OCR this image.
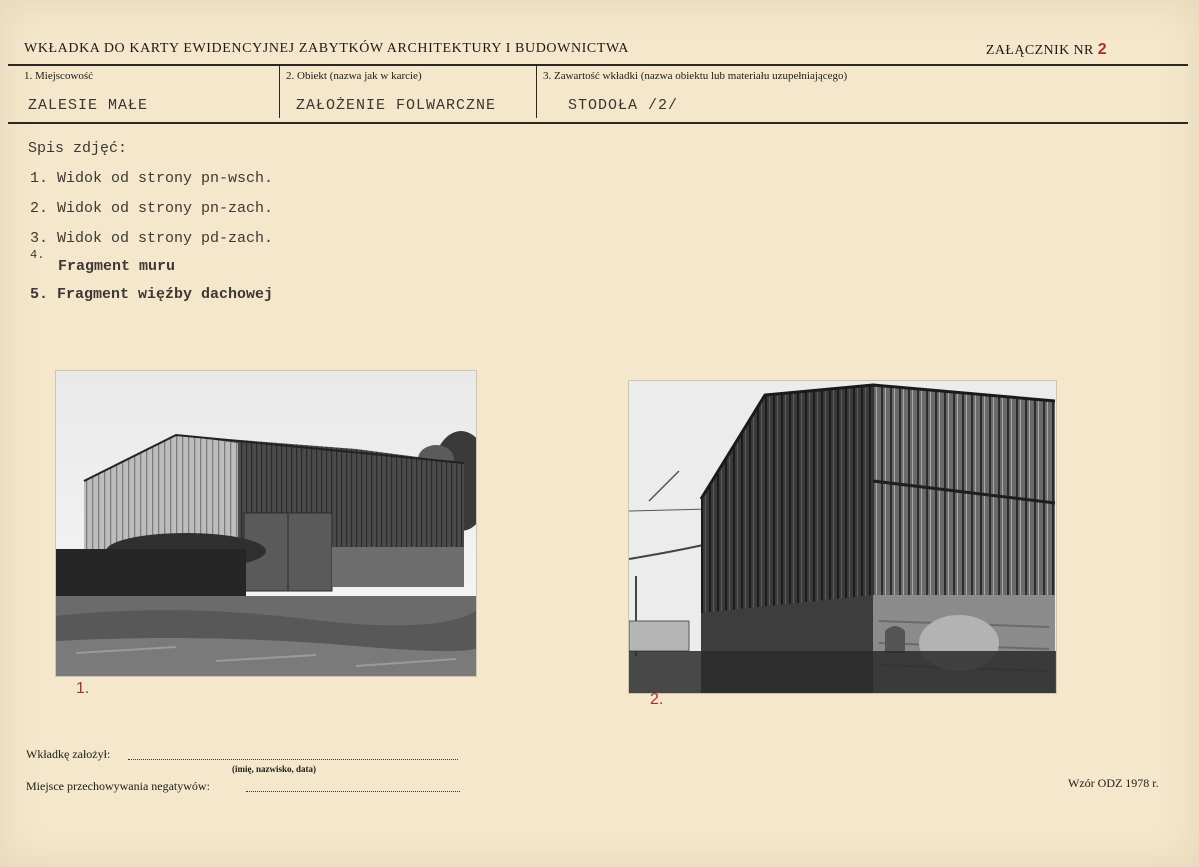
WKŁADKA DO KARTY EWIDENCYJNEJ ZABYTKÓW ARCHITEKTURY I BUDOWNICTWA	ZAŁĄCZNIK NR 2
1. Miejscowość	2. Obiekt (nazwa jak w karcie)	3. Zawartość wkładki (nazwa obiektu lub materiału uzupełniającego)
ZALESIE MAŁE	ZAŁOŻENIE FOLWARCZNE	STODOŁA /2/
Spis zdjęć:
1. Widok od strony pn-wsch.
2. Widok od strony pn-zach.
3. Widok od strony pd-zach.
4.
Fragment muru
5. Fragment więźby dachowej
1.
2.
Wkładkę założył:
(imię, nazwisko, data)
Miejsce przechowywania negatywów:	Wzór ODZ 1978 r.
